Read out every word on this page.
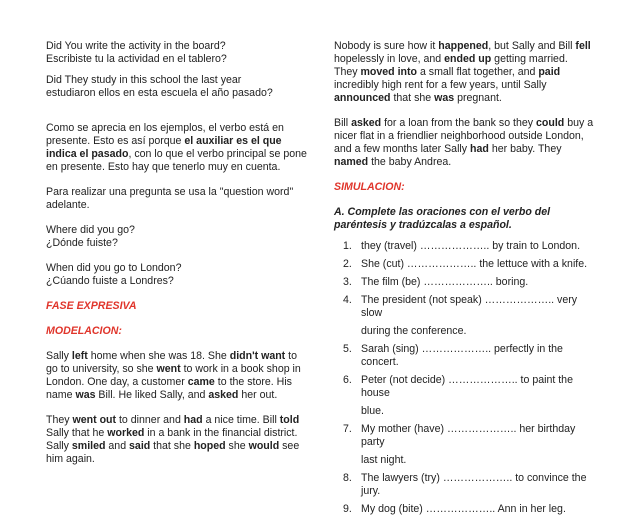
Did You write the activity in the board?

Escribiste tu la actividad en el tablero?

Did They study in this school the last year

estudiaron ellos en esta escuela el año pasado?

Como se aprecia en los ejemplos, el verbo está en presente. Esto es así porque el auxiliar es el que indica el pasado, con lo que el verbo principal se pone en presente. Esto hay que tenerlo muy en cuenta.

Para realizar una pregunta se usa la "question word" adelante.

Where did you go?

¿Dónde fuiste?

When did you go to London?

¿Cúando fuiste a Londres?

FASE EXPRESIVA

MODELACION:

Sally left home when she was 18. She didn't want to go to university, so she went to work in a book shop in London. One day, a customer came to the store. His name was Bill. He liked Sally, and asked her out.

They went out to dinner and had a nice time. Bill told Sally that he worked in a bank in the financial district. Sally smiled and said that she hoped she would see him again.

Nobody is sure how it happened, but Sally and Bill fell hopelessly in love, and ended up getting married. They moved into a small flat together, and paid incredibly high rent for a few years, until Sally announced that she was pregnant.

Bill asked for a loan from the bank so they could buy a nicer flat in a friendlier neighborhood outside London, and a few months later Sally had her baby. They named the baby Andrea.

SIMULACION:

A. Complete las oraciones con el verbo del paréntesis y tradúzcalas a español.

1. they (travel) ……………….. by train to London.
2. She (cut) ……………….. the lettuce with a knife.
3. The film (be) ……………….. boring.
4. The president (not speak) ……………….. very slow
during the conference.
5. Sarah (sing) ……………….. perfectly in the concert.
6. Peter (not decide) ……………….. to paint the house
blue.
7. My mother (have) ……………….. her birthday party
last night.
8. The lawyers (try) ……………….. to convince the jury.
9. My dog (bite) ……………….. Ann in her leg.
